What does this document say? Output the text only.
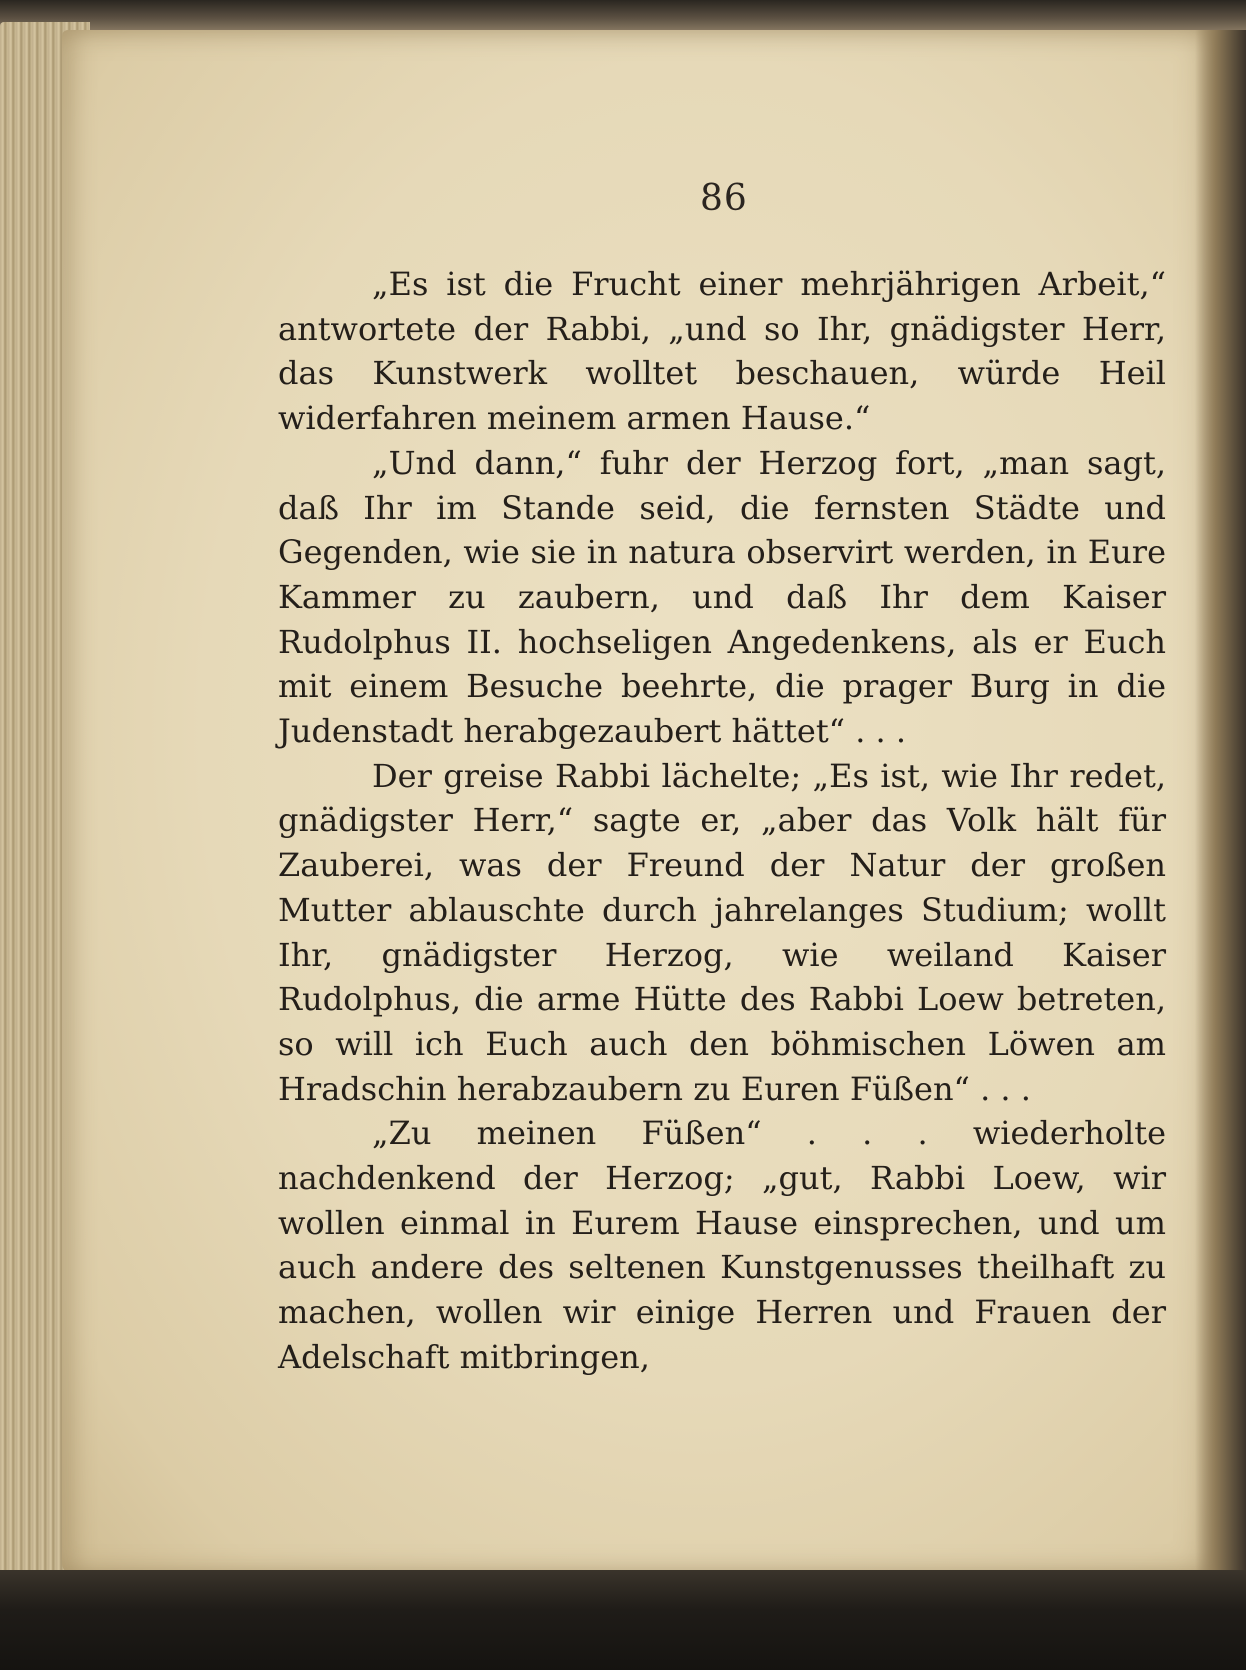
86

„Es ist die Frucht einer mehrjährigen Arbeit,“ antwortete der Rabbi, „und so Ihr, gnädigster Herr, das Kunstwerk wolltet beschauen, würde Heil widerfahren meinem armen Hause.“

„Und dann,“ fuhr der Herzog fort, „man sagt, daß Ihr im Stande seid, die fernsten Städte und Gegenden, wie sie in natura observirt werden, in Eure Kammer zu zaubern, und daß Ihr dem Kaiser Rudolphus II. hochseligen Angedenkens, als er Euch mit einem Besuche beehrte, die prager Burg in die Judenstadt herabgezaubert hättet“ . . .

Der greise Rabbi lächelte; „Es ist, wie Ihr redet, gnädigster Herr,“ sagte er, „aber das Volk hält für Zauberei, was der Freund der Natur der großen Mutter ablauschte durch jahrelanges Studium; wollt Ihr, gnädigster Herzog, wie weiland Kaiser Rudolphus, die arme Hütte des Rabbi Loew betreten, so will ich Euch auch den böhmischen Löwen am Hradschin herabzaubern zu Euren Füßen“ . . .

„Zu meinen Füßen“ . . . wiederholte nachdenkend der Herzog; „gut, Rabbi Loew, wir wollen einmal in Eurem Hause einsprechen, und um auch andere des seltenen Kunstgenusses theilhaft zu machen, wollen wir einige Herren und Frauen der Adelschaft mitbringen,
